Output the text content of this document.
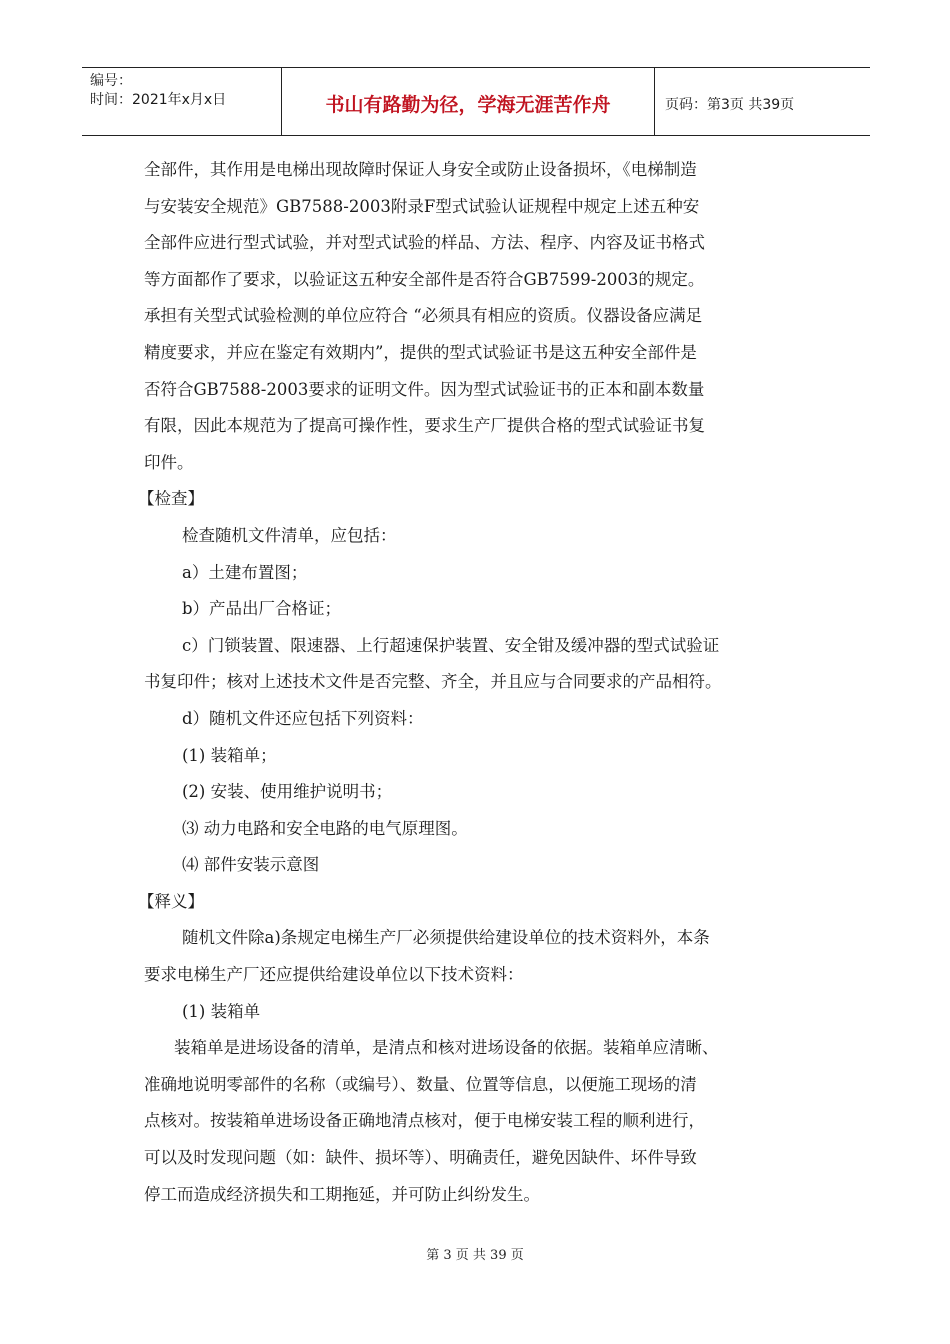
编号：
时间：2021年x月x日	书山有路勤为径，学海无涯苦作舟	页码：第3页 共39页

全部件，其作用是电梯出现故障时保证人身安全或防止设备损坏，《电梯制造

与安装安全规范》GB7588-2003附录F型式试验认证规程中规定上述五种安

全部件应进行型式试验，并对型式试验的样品、方法、程序、内容及证书格式

等方面都作了要求，以验证这五种安全部件是否符合GB7599-2003的规定。

承担有关型式试验检测的单位应符合 “必须具有相应的资质。仪器设备应满足

精度要求，并应在鉴定有效期内”，提供的型式试验证书是这五种安全部件是

否符合GB7588-2003要求的证明文件。因为型式试验证书的正本和副本数量

有限，因此本规范为了提高可操作性，要求生产厂提供合格的型式试验证书复

印件。

【检查】

检查随机文件清单，应包括：

a）土建布置图；

b）产品出厂合格证；

c）门锁装置、限速器、上行超速保护装置、安全钳及缓冲器的型式试验证

书复印件；核对上述技术文件是否完整、齐全，并且应与合同要求的产品相符。

d）随机文件还应包括下列资料：

(1) 装箱单；

(2) 安装、使用维护说明书；

⑶ 动力电路和安全电路的电气原理图。

⑷ 部件安装示意图

【释义】

随机文件除a)条规定电梯生产厂必须提供给建设单位的技术资料外，本条

要求电梯生产厂还应提供给建设单位以下技术资料：

(1) 装箱单

装箱单是进场设备的清单，是清点和核对进场设备的依据。装箱单应清晰、

准确地说明零部件的名称（或编号）、数量、位置等信息，以便施工现场的清

点核对。按装箱单进场设备正确地清点核对，便于电梯安装工程的顺利进行，

可以及时发现问题（如：缺件、损坏等）、明确责任，避免因缺件、坏件导致

停工而造成经济损失和工期拖延，并可防止纠纷发生。

第 3 页 共 39 页
